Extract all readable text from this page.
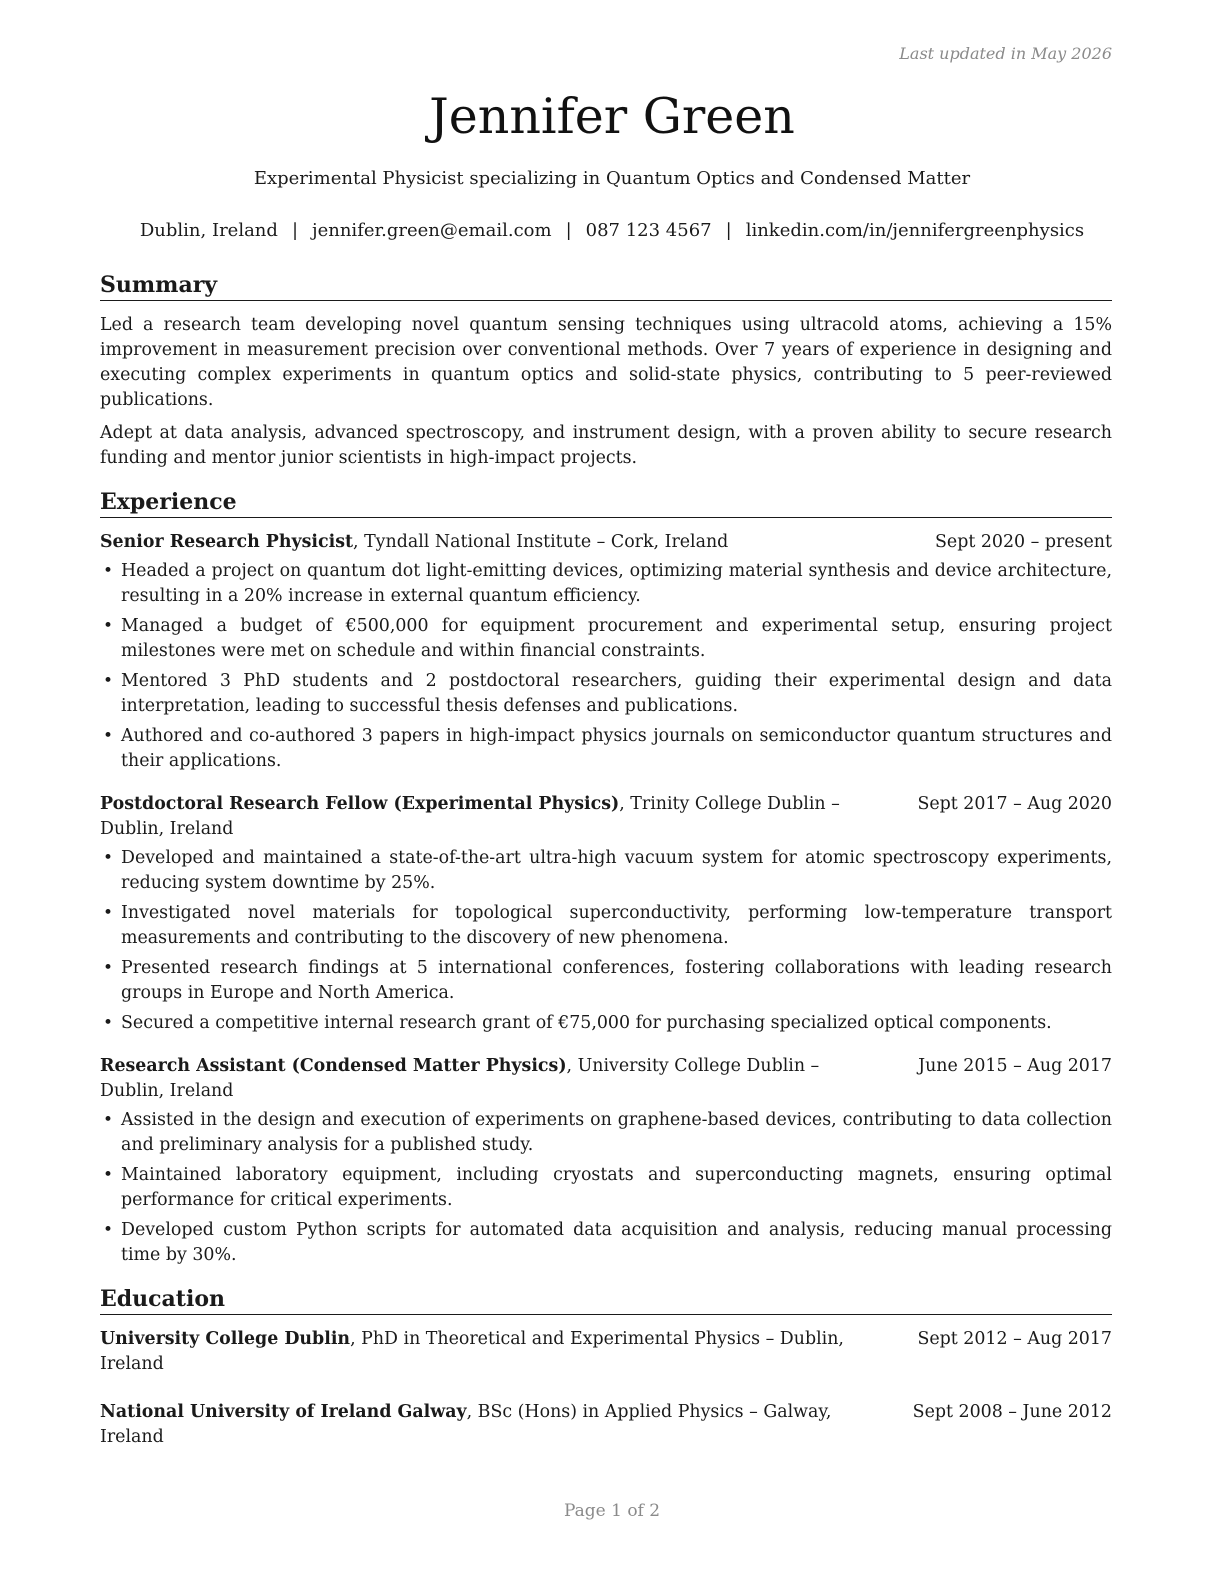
Last updated in May 2026
Jennifer Green
Experimental Physicist specializing in Quantum Optics and Condensed Matter
Dublin, Ireland | jennifer.green@email.com | 087 123 4567 | linkedin.com/in/jennifergreenphysics
Summary

Led a research team developing novel quantum sensing techniques using ultracold atoms, achieving a 15% improvement in measurement precision over conventional methods. Over 7 years of experience in designing and executing complex experiments in quantum optics and solid-state physics, contributing to 5 peer-reviewed publications.

Adept at data analysis, advanced spectroscopy, and instrument design, with a proven ability to secure research funding and mentor junior scientists in high-impact projects.

Experience
Senior Research Physicist, Tyndall National Institute – Cork, Ireland	Sept 2020 – present
• Headed a project on quantum dot light-emitting devices, optimizing material synthesis and device architecture, resulting in a 20% increase in external quantum efficiency.
• Managed a budget of €500,000 for equipment procurement and experimental setup, ensuring project milestones were met on schedule and within financial constraints.
• Mentored 3 PhD students and 2 postdoctoral researchers, guiding their experimental design and data interpretation, leading to successful thesis defenses and publications.
• Authored and co-authored 3 papers in high-impact physics journals on semiconductor quantum structures and their applications.
Postdoctoral Research Fellow (Experimental Physics), Trinity College Dublin – Dublin, Ireland
Sept 2017 – Aug 2020
• Developed and maintained a state-of-the-art ultra-high vacuum system for atomic spectroscopy experiments, reducing system downtime by 25%.
• Investigated novel materials for topological superconductivity, performing low-temperature transport measurements and contributing to the discovery of new phenomena.
• Presented research findings at 5 international conferences, fostering collaborations with leading research groups in Europe and North America.
• Secured a competitive internal research grant of €75,000 for purchasing specialized optical components.
Research Assistant (Condensed Matter Physics), University College Dublin – Dublin, Ireland
June 2015 – Aug 2017
• Assisted in the design and execution of experiments on graphene-based devices, contributing to data collection and preliminary analysis for a published study.
• Maintained laboratory equipment, including cryostats and superconducting magnets, ensuring optimal performance for critical experiments.
• Developed custom Python scripts for automated data acquisition and analysis, reducing manual processing time by 30%.
Education
University College Dublin, PhD in Theoretical and Experimental Physics – Dublin, Ireland
Sept 2012 – Aug 2017
National University of Ireland Galway, BSc (Hons) in Applied Physics – Galway, Ireland
Sept 2008 – June 2012
Page 1 of 2
